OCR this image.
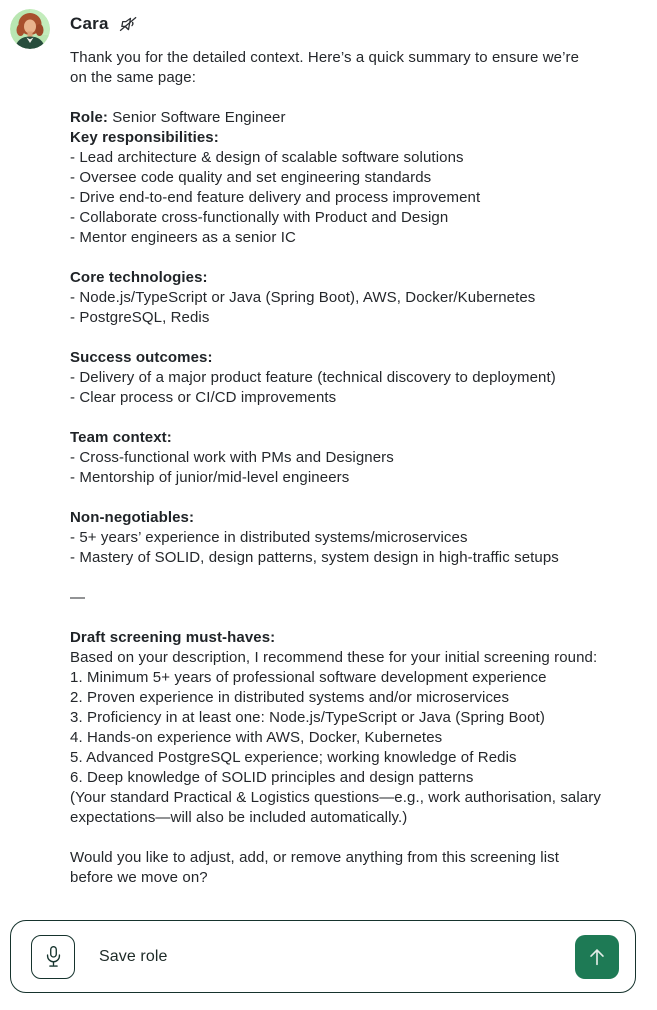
Cara
Thank you for the detailed context. Here’s a quick summary to ensure we’re
on the same page:
Role: Senior Software Engineer
Key responsibilities:
- Lead architecture & design of scalable software solutions
- Oversee code quality and set engineering standards
- Drive end-to-end feature delivery and process improvement
- Collaborate cross-functionally with Product and Design
- Mentor engineers as a senior IC
Core technologies:
- Node.js/TypeScript or Java (Spring Boot), AWS, Docker/Kubernetes
- PostgreSQL, Redis
Success outcomes:
- Delivery of a major product feature (technical discovery to deployment)
- Clear process or CI/CD improvements
Team context:
- Cross-functional work with PMs and Designers
- Mentorship of junior/mid-level engineers
Non-negotiables:
- 5+ years’ experience in distributed systems/microservices
- Mastery of SOLID, design patterns, system design in high-traffic setups
—
Draft screening must-haves:
Based on your description, I recommend these for your initial screening round:
1. Minimum 5+ years of professional software development experience
2. Proven experience in distributed systems and/or microservices
3. Proficiency in at least one: Node.js/TypeScript or Java (Spring Boot)
4. Hands-on experience with AWS, Docker, Kubernetes
5. Advanced PostgreSQL experience; working knowledge of Redis
6. Deep knowledge of SOLID principles and design patterns
(Your standard Practical & Logistics questions—e.g., work authorisation, salary
expectations—will also be included automatically.)
Would you like to adjust, add, or remove anything from this screening list
before we move on?
Save role
